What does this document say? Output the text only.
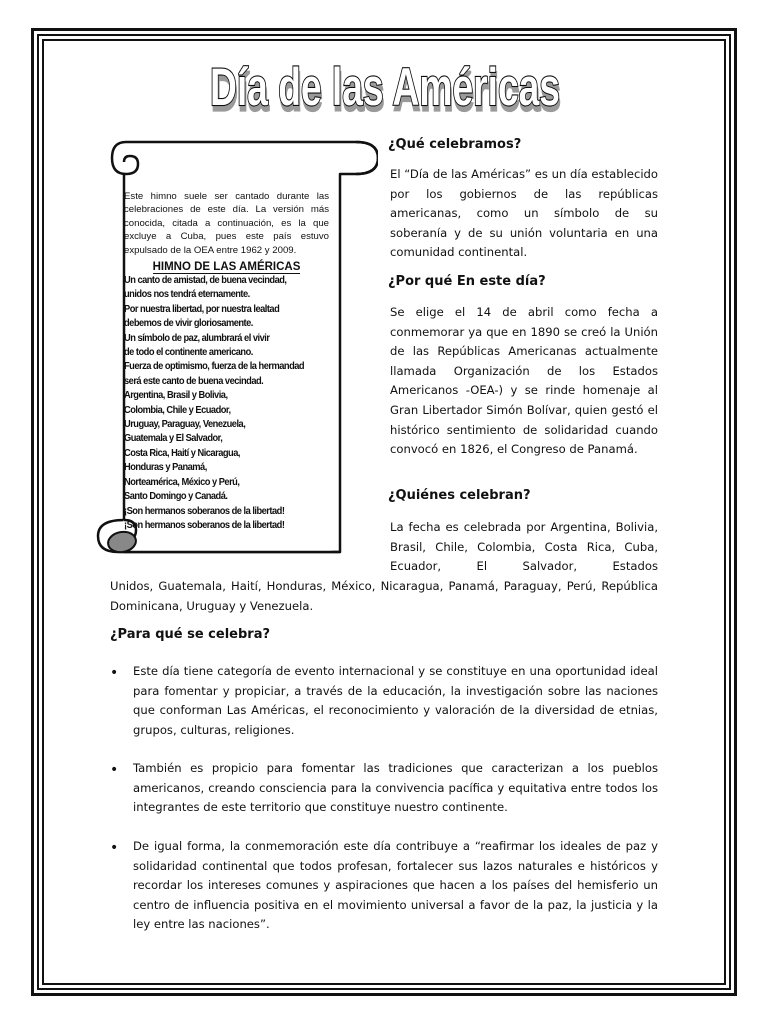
Día de las Américas

Este himno suele ser cantado durante las celebraciones de este día. La versión más conocida, citada a continuación, es la que excluye a Cuba, pues este país estuvo expulsado de la OEA entre 1962 y 2009.

HIMNO DE LAS AMÉRICAS
Un canto de amistad, de buena vecindad,
unidos nos tendrá eternamente.
Por nuestra libertad, por nuestra lealtad
debemos de vivir gloriosamente.
Un símbolo de paz, alumbrará el vivir
de todo el continente americano.
Fuerza de optimismo, fuerza de la hermandad
será este canto de buena vecindad.
Argentina, Brasil y Bolivia,
Colombia, Chile y Ecuador,
Uruguay, Paraguay, Venezuela,
Guatemala y El Salvador,
Costa Rica, Haití y Nicaragua,
Honduras y Panamá,
Norteamérica, México y Perú,
Santo Domingo y Canadá.
¡Son hermanos soberanos de la libertad!
¡Son hermanos soberanos de la libertad!
¿Qué celebramos?

El “Día de las Américas” es un día establecido por los gobiernos de las repúblicas americanas, como un símbolo de su soberanía y de su unión voluntaria en una comunidad continental.

¿Por qué En este día?

Se elige el 14 de abril como fecha a conmemorar ya que en 1890 se creó la Unión de las Repúblicas Americanas actualmente llamada Organización de los Estados Americanos -OEA-) y se rinde homenaje al Gran Libertador Simón Bolívar, quien gestó el histórico sentimiento de solidaridad cuando convocó en 1826, el Congreso de Panamá.

¿Quiénes celebran?

La fecha es celebrada por Argentina, Bolivia, Brasil, Chile, Colombia, Costa Rica, Cuba, Ecuador, El Salvador, Estados

Unidos, Guatemala, Haití, Honduras, México, Nicaragua, Panamá, Paraguay, Perú, República Dominicana, Uruguay y Venezuela.

¿Para qué se celebra?
• Este día tiene categoría de evento internacional y se constituye en una oportunidad ideal para fomentar y propiciar, a través de la educación, la investigación sobre las naciones que conforman Las Américas, el reconocimiento y valoración de la diversidad de etnias, grupos, culturas, religiones.

• También es propicio para fomentar las tradiciones que caracterizan a los pueblos americanos, creando consciencia para la convivencia pacífica y equitativa entre todos los integrantes de este territorio que constituye nuestro continente.

• De igual forma, la conmemoración este día contribuye a “reafirmar los ideales de paz y solidaridad continental que todos profesan, fortalecer sus lazos naturales e históricos y recordar los intereses comunes y aspiraciones que hacen a los países del hemisferio un centro de influencia positiva en el movimiento universal a favor de la paz, la justicia y la ley entre las naciones”.
